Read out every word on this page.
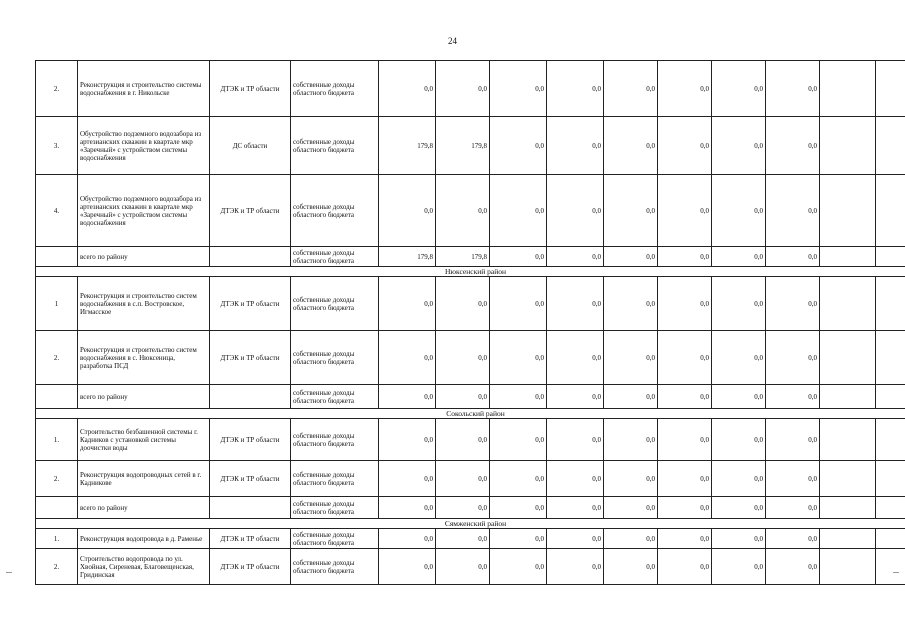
24
2.	Реконструкция и строительство системы водоснабжения в г. Никольске	ДТЭК и ТР области	собственные доходы областного бюджета	0,0	0,0	0,0	0,0	0,0	0,0	0,0	0,0		
3.	Обустройство подземного водозабора из артезианских скважин в квартале мкр «Заречный» с устройством системы водоснабжения	ДС области	собственные доходы областного бюджета	179,8	179,8	0,0	0,0	0,0	0,0	0,0	0,0		
4.	Обустройство подземного водозабора из артезианских скважин в квартале мкр «Заречный» с устройством системы водоснабжения	ДТЭК и ТР области	собственные доходы областного бюджета	0,0	0,0	0,0	0,0	0,0	0,0	0,0	0,0		
	всего по району		собственные доходы областного бюджета	179,8	179,8	0,0	0,0	0,0	0,0	0,0	0,0		
Нюксенский район													
1	Реконструкция и строительство систем водоснабжения в с.п. Востровское, Игмасское	ДТЭК и ТР области	собственные доходы областного бюджета	0,0	0,0	0,0	0,0	0,0	0,0	0,0	0,0		
2.	Реконструкция и строительство систем водоснабжения в с. Нюксеница, разработка ПСД	ДТЭК и ТР области	собственные доходы областного бюджета	0,0	0,0	0,0	0,0	0,0	0,0	0,0	0,0		
	всего по району		собственные доходы областного бюджета	0,0	0,0	0,0	0,0	0,0	0,0	0,0	0,0		
Сокольский район													
1.	Строительство безбашенной системы г. Кадников с установкой системы доочистки воды	ДТЭК и ТР области	собственные доходы областного бюджета	0,0	0,0	0,0	0,0	0,0	0,0	0,0	0,0		
2.	Реконструкция водопроводных сетей в г. Кадникове	ДТЭК и ТР области	собственные доходы областного бюджета	0,0	0,0	0,0	0,0	0,0	0,0	0,0	0,0		
	всего по району		собственные доходы областного бюджета	0,0	0,0	0,0	0,0	0,0	0,0	0,0	0,0		
Сямженский район													
1.	Реконструкция водопровода в д. Раменье	ДТЭК и ТР области	собственные доходы областного бюджета	0,0	0,0	0,0	0,0	0,0	0,0	0,0	0,0		
2.	Строительство водопровода по ул. Хвойная, Сиреневая, Благовещенская, Гридинская	ДТЭК и ТР области	собственные доходы областного бюджета	0,0	0,0	0,0	0,0	0,0	0,0	0,0	0,0		
